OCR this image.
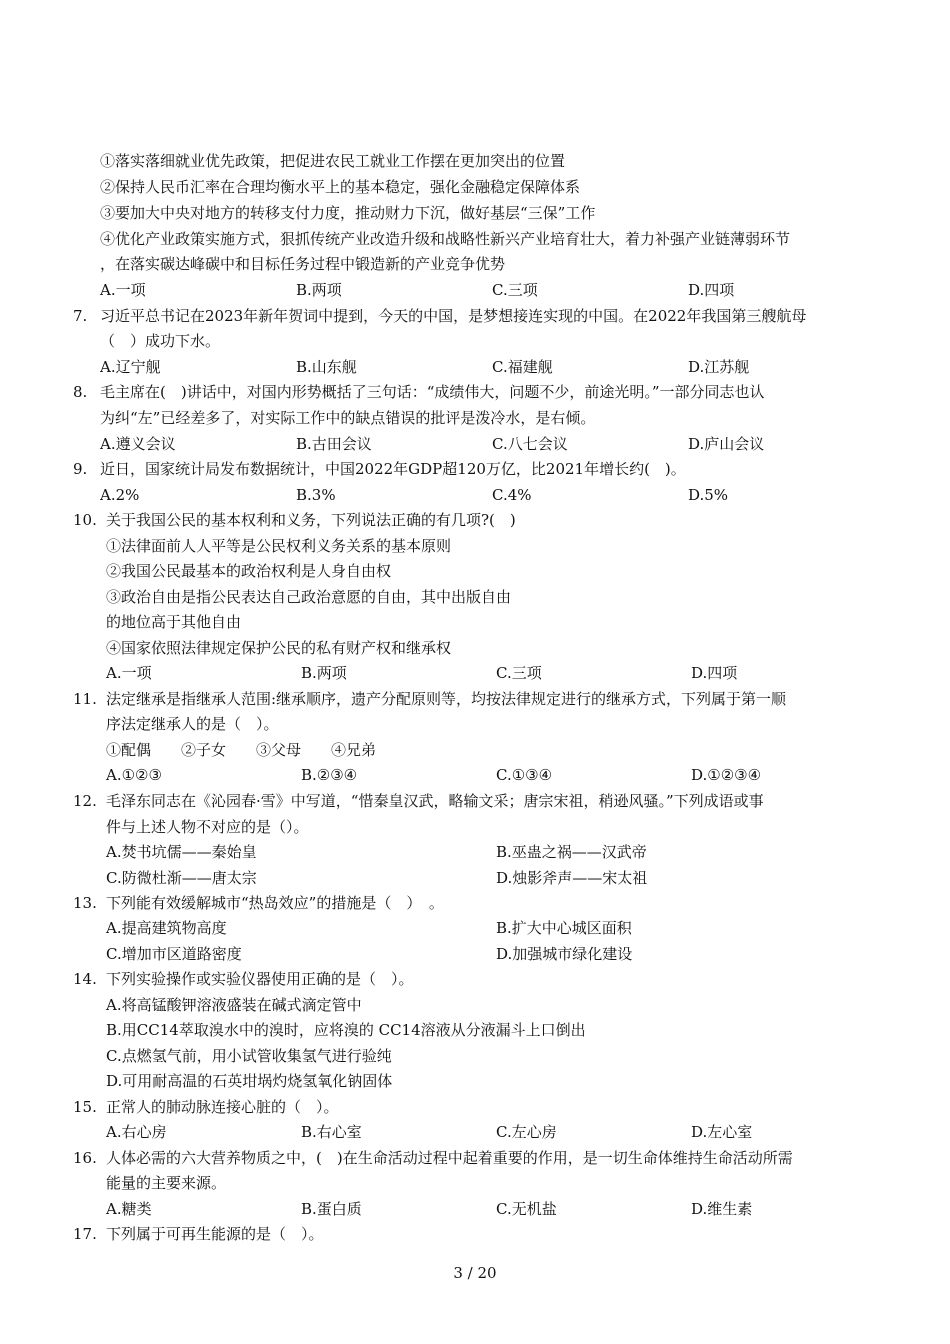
①落实落细就业优先政策，把促进农民工就业工作摆在更加突出的位置
②保持人民币汇率在合理均衡水平上的基本稳定，强化金融稳定保障体系
③要加大中央对地方的转移支付力度，推动财力下沉，做好基层“三保”工作
④优化产业政策实施方式，狠抓传统产业改造升级和战略性新兴产业培育壮大，着力补强产业链薄弱环节
，在落实碳达峰碳中和目标任务过程中锻造新的产业竞争优势
A.一项	B.两项	C.三项	D.四项
7. 习近平总书记在2023年新年贺词中提到，今天的中国，是梦想接连实现的中国。在2022年我国第三艘航母
（　）成功下水。
A.辽宁舰	B.山东舰	C.福建舰	D.江苏舰
8. 毛主席在(　)讲话中，对国内形势概括了三句话：“成绩伟大，问题不少，前途光明。”一部分同志也认
为纠“左”已经差多了，对实际工作中的缺点错误的批评是泼冷水，是右倾。
A.遵义会议	B.古田会议	C.八七会议	D.庐山会议
9. 近日，国家统计局发布数据统计，中国2022年GDP超120万亿，比2021年增长约(　)。
A.2%	B.3%	C.4%	D.5%
10. 关于我国公民的基本权利和义务，下列说法正确的有几项?(　)
①法律面前人人平等是公民权利义务关系的基本原则
②我国公民最基本的政治权利是人身自由权
③政治自由是指公民表达自己政治意愿的自由，其中出版自由
的地位高于其他自由
④国家依照法律规定保护公民的私有财产权和继承权
A.一项	B.两项	C.三项	D.四项
11. 法定继承是指继承人范围:继承顺序，遗产分配原则等，均按法律规定进行的继承方式，下列属于第一顺
序法定继承人的是（　）。
①配偶　　②子女　　③父母　　④兄弟
A.①②③	B.②③④	C.①③④	D.①②③④
12. 毛泽东同志在《沁园春·雪》中写道，“惜秦皇汉武，略输文采；唐宗宋祖，稍逊风骚。”下列成语或事
件与上述人物不对应的是（）。
A.焚书坑儒——秦始皇	B.巫蛊之祸——汉武帝
C.防微杜渐——唐太宗	D.烛影斧声——宋太祖
13. 下列能有效缓解城市“热岛效应”的措施是（　）　。
A.提高建筑物高度	B.扩大中心城区面积
C.增加市区道路密度	D.加强城市绿化建设
14. 下列实验操作或实验仪器使用正确的是（　）。
A.将高锰酸钾溶液盛装在碱式滴定管中
B.用CC14萃取溴水中的溴时，应将溴的 CC14溶液从分液漏斗上口倒出
C.点燃氢气前，用小试管收集氢气进行验纯
D.可用耐高温的石英坩埚灼烧氢氧化钠固体
15. 正常人的肺动脉连接心脏的（　）。
A.右心房	B.右心室	C.左心房	D.左心室
16. 人体必需的六大营养物质之中，(　)在生命活动过程中起着重要的作用，是一切生命体维持生命活动所需
能量的主要来源。
A.糖类	B.蛋白质	C.无机盐	D.维生素
17. 下列属于可再生能源的是（　）。
3 / 20
